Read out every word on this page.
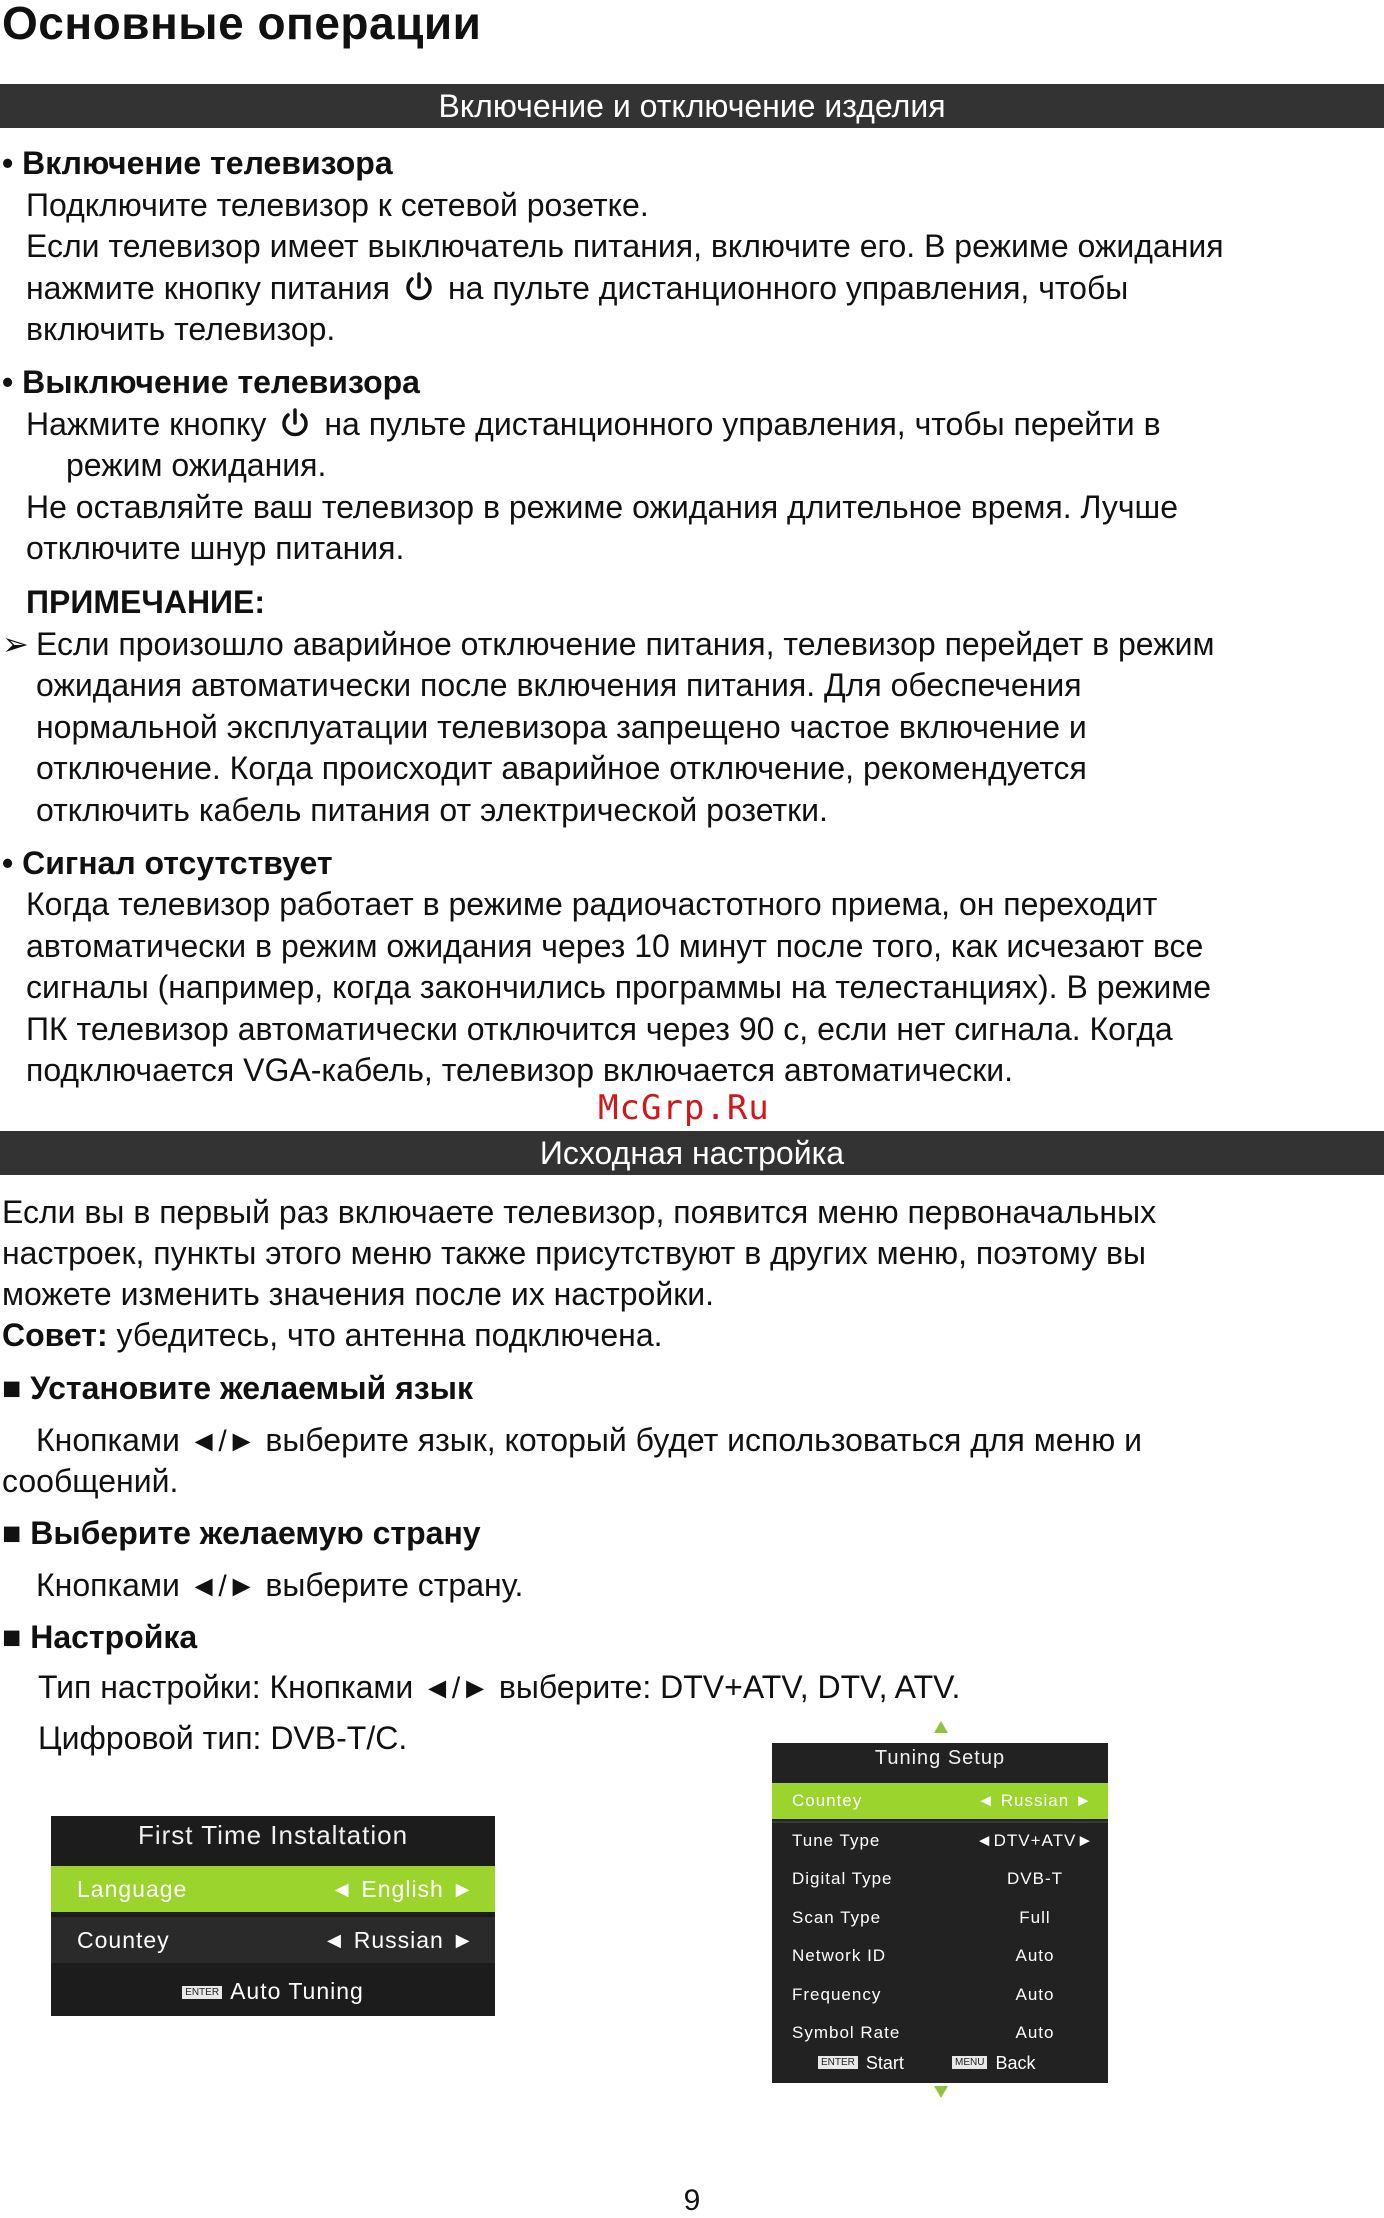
Основные операции
Включение и отключение изделия
• Включение телевизора
Подключите телевизор к сетевой розетке.
Если телевизор имеет выключатель питания, включите его. В режиме ожидания
нажмите кнопку питания на пульте дистанционного управления, чтобы
включить телевизор.
• Выключение телевизора
Нажмите кнопку на пульте дистанционного управления, чтобы перейти в
режим ожидания.
Не оставляйте ваш телевизор в режиме ожидания длительное время. Лучше
отключите шнур питания.
ПРИМЕЧАНИЕ:
➢ Если произошло аварийное отключение питания, телевизор перейдет в режим
ожидания автоматически после включения питания. Для обеспечения
нормальной эксплуатации телевизора запрещено частое включение и
отключение. Когда происходит аварийное отключение, рекомендуется
отключить кабель питания от электрической розетки.
• Сигнал отсутствует
Когда телевизор работает в режиме радиочастотного приема, он переходит
автоматически в режим ожидания через 10 минут после того, как исчезают все
сигналы (например, когда закончились программы на телестанциях). В режиме
ПК телевизор автоматически отключится через 90 с, если нет сигнала. Когда
подключается VGA-кабель, телевизор включается автоматически.
McGrp.Ru
Исходная настройка
Если вы в первый раз включаете телевизор, появится меню первоначальных
настроек, пункты этого меню также присутствуют в других меню, поэтому вы
можете изменить значения после их настройки.
Совет: убедитесь, что антенна подключена.
■ Установите желаемый язык
Кнопками ◄/► выберите язык, который будет использоваться для меню и
сообщений.
■ Выберите желаемую страну
Кнопками ◄/► выберите страну.
■ Настройка
Тип настройки: Кнопками ◄/► выберите: DTV+ATV, DTV, ATV.
Цифровой тип: DVB-T/C.
First Time Instaltation
Language	◄ English ►
Countey	◄ Russian ►
ENTER Auto Tuning
Tuning Setup
Countey	◄ Russian ►
Tune Type	◄DTV+ATV►
Digital Type	DVB-T
Scan Type	Full
Network ID	Auto
Frequency	Auto
Symbol Rate	Auto
ENTER Start	MENU Back
9
